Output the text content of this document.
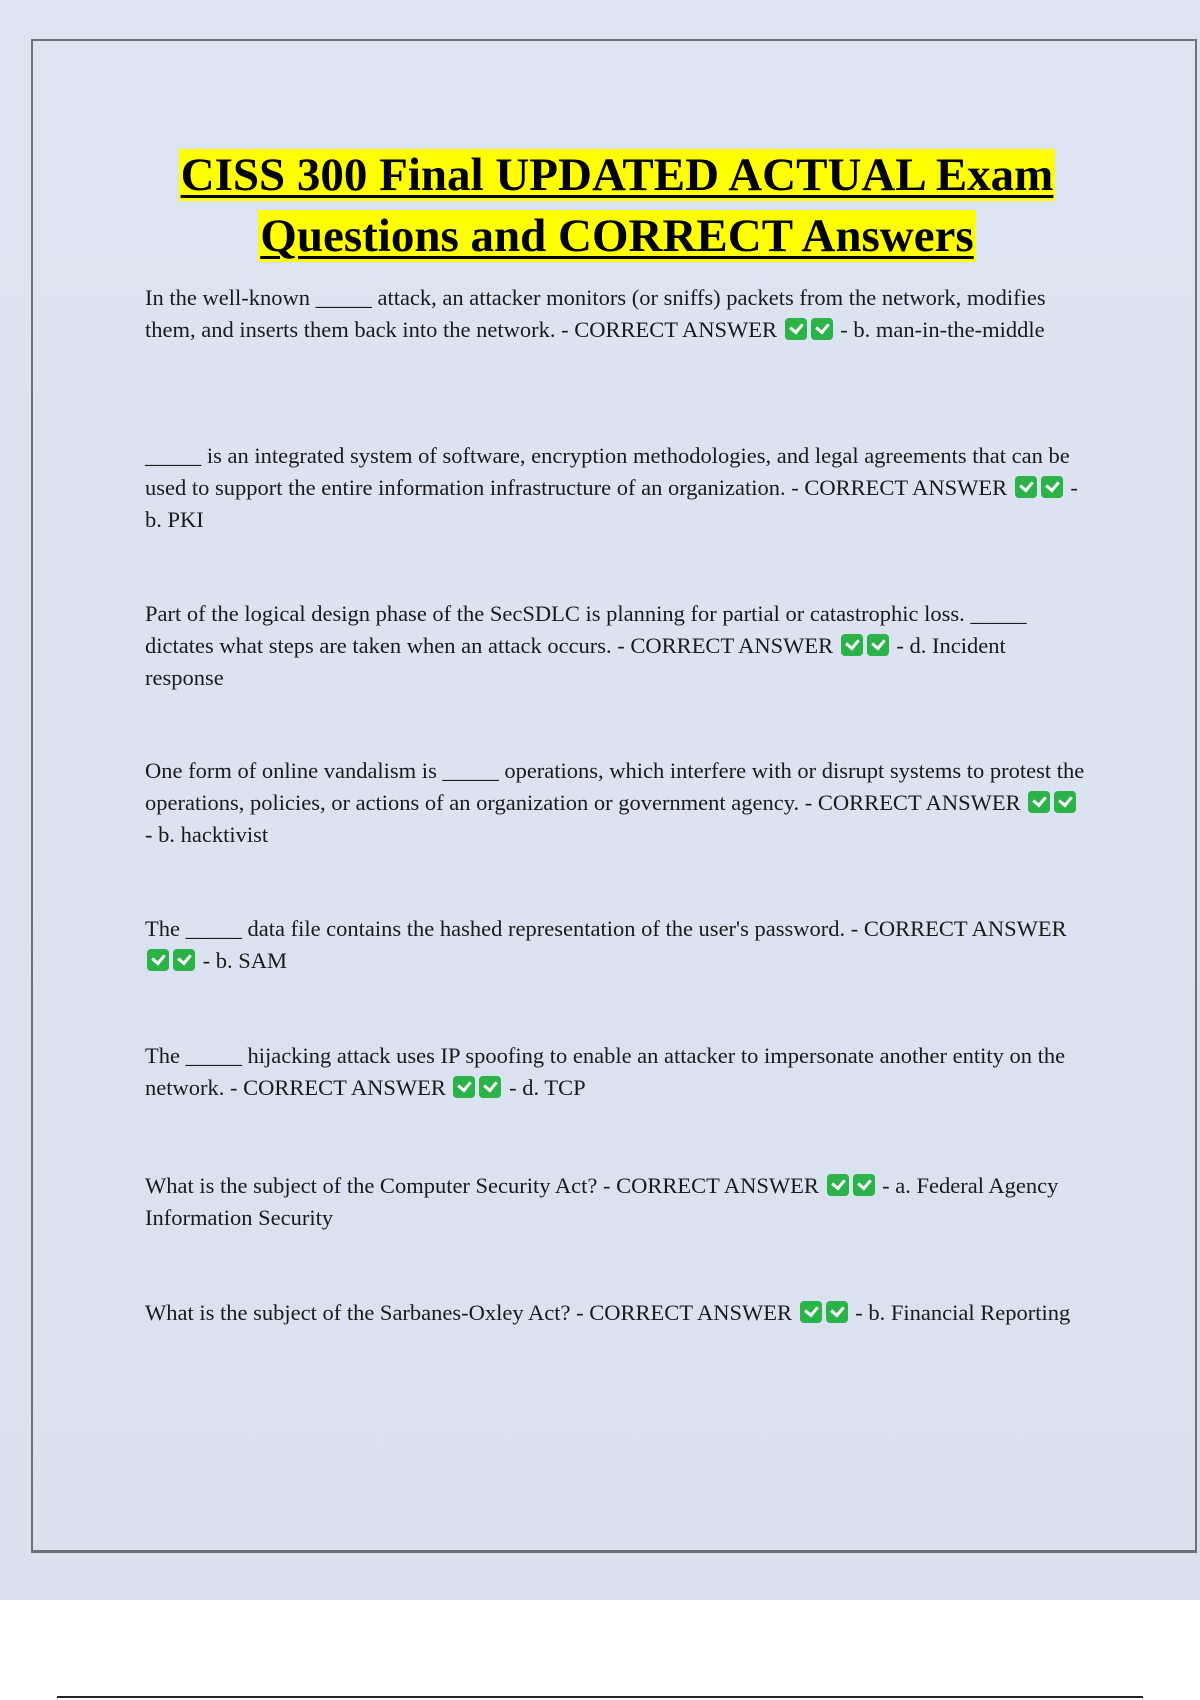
CISS 300 Final UPDATED ACTUAL Exam
Questions and CORRECT Answers

In the well-known _____ attack, an attacker monitors (or sniffs) packets from the network, modifies them, and inserts them back into the network. - CORRECT ANSWER	- b. man-in-the-middle

_____ is an integrated system of software, encryption methodologies, and legal agreements that can be used to support the entire information infrastructure of an organization. - CORRECT ANSWER	- b. PKI

Part of the logical design phase of the SecSDLC is planning for partial or catastrophic loss. _____ dictates what steps are taken when an attack occurs. - CORRECT ANSWER	- d. Incident response

One form of online vandalism is _____ operations, which interfere with or disrupt systems to protest the operations, policies, or actions of an organization or government agency. - CORRECT ANSWER  - b. hacktivist

The _____ data file contains the hashed representation of the user's password. - CORRECT ANSWER  - b. SAM

The _____ hijacking attack uses IP spoofing to enable an attacker to impersonate another entity on the network. - CORRECT ANSWER	- d. TCP

What is the subject of the Computer Security Act? - CORRECT ANSWER	- a. Federal Agency Information Security

What is the subject of the Sarbanes-Oxley Act? - CORRECT ANSWER	- b. Financial Reporting
